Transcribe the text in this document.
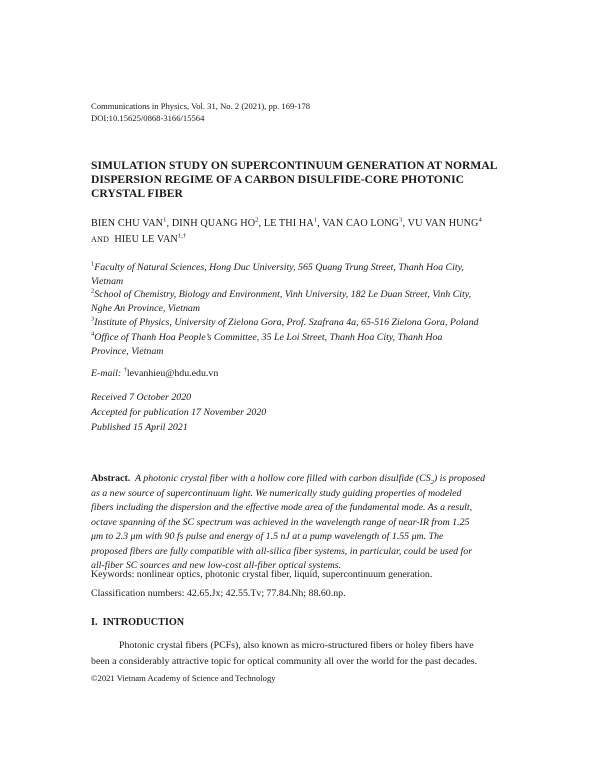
Communications in Physics, Vol. 31, No. 2 (2021), pp. 169-178
DOI:10.15625/0868-3166/15564
SIMULATION STUDY ON SUPERCONTINUUM GENERATION AT NORMAL
DISPERSION REGIME OF A CARBON DISULFIDE-CORE PHOTONIC
CRYSTAL FIBER
BIEN CHU VAN$^1$, DINH QUANG $HO^2$, LE THI $HA^1$, VAN CAO LONG$^3$, VU VAN HUNG$^4$
AND HIEU LE $VAN^{1,\dagger}$
$^1$Faculty of Natural Sciences, Hong Duc University, 565 Quang Trung Street, Thanh Hoa City,
Vietnam
$^2$School of Chemistry, Biology and Environment, Vinh University, 182 Le Duan Street, Vinh City,
Nghe An Province, Vietnam
$^3$Institute of Physics, University of Zielona Gora, Prof. Szafrana 4a, 65-516 Zielona Gora, Poland
$^4$Office of Thanh Hoa People’s Committee, 35 Le Loi Street, Thanh Hoa City, Thanh Hoa
Province, Vietnam
E-mail: †levanhieu@hdu.edu.vn
Received 7 October 2020
Accepted for publication 17 November 2020
Published 15 April 2021
Abstract. A photonic crystal fiber with a hollow core filled with carbon disulfide $(CS_2)$ is proposed
as a new source of supercontinuum light. We numerically study guiding properties of modeled
fibers including the dispersion and the effective mode area of the fundamental mode. As a result,
octave spanning of the SC spectrum was achieved in the wavelength range of near-IR from 1.25
μm to 2.3 μm with 90 fs pulse and energy of 1.5 nJ at a pump wavelength of 1.55 μm. The
proposed fibers are fully compatible with all-silica fiber systems, in particular, could be used for
all-fiber SC sources and new low-cost all-fiber optical systems.
Keywords: nonlinear optics, photonic crystal fiber, liquid, supercontinuum generation.
Classification numbers: 42.65.Jx; 42.55.Tv; 77.84.Nh; 88.60.np.
I. INTRODUCTION
Photonic crystal fibers (PCFs), also known as micro-structured fibers or holey fibers have
been a considerably attractive topic for optical community all over the world for the past decades.
©2021 Vietnam Academy of Science and Technology
